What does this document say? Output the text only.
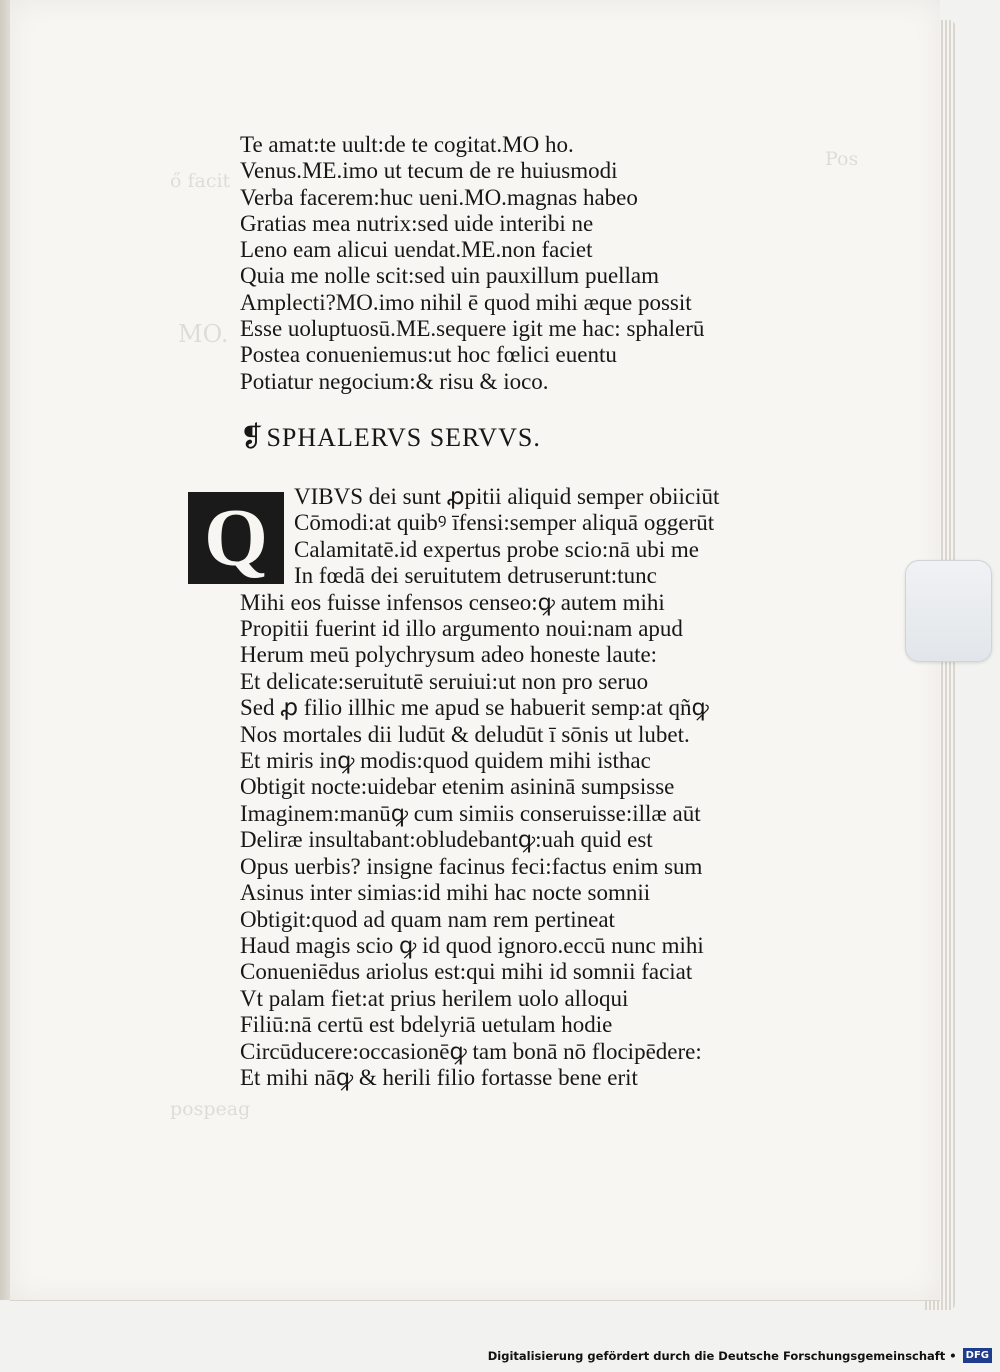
Pos
ő facit
MO.
pospeag
Te amat:te uult:de te cogitat.MO ho.
Venus.ME.imo ut tecum de re huiusmodi
Verba facerem:huc ueni.MO.magnas habeo
Gratias mea nutrix:sed uide interibi ne
Leno eam alicui uendat.ME.non faciet
Quia me nolle scit:sed uin pauxillum puellam
Amplecti?MO.imo nihil ē quod mihi æque possit
Esse uoluptuosū.ME.sequere igit me hac: sphalerū
Postea conueniemus:ut hoc fœlici euentu
Potiatur negocium:& risu & ioco.
❡SPHALERVS SERVVS.
Q VIBVS dei sunt ꝓpitii aliquid semper obiiciūt
Cōmodi:at quibꝰ īfensi:semper aliquā oggerūt
Calamitatē.id expertus probe scio:nā ubi me
In fœdā dei seruitutem detruserunt:tunc
Mihi eos fuisse infensos censeo:ꝙ autem mihi
Propitii fuerint id illo argumento noui:nam apud
Herum meū polychrysum adeo honeste laute:
Et delicate:seruitutē seruiui:ut non pro seruo
Sed ꝓ filio illhic me apud se habuerit semp:at qñꝙ
Nos mortales dii ludūt & deludūt ī sōnis ut lubet.
Et miris inꝙ modis:quod quidem mihi isthac
Obtigit nocte:uidebar etenim asininā sumpsisse
Imaginem:manūꝙ cum simiis conseruisse:illæ aūt
Deliræ insultabant:obludebantꝙ:uah quid est
Opus uerbis? insigne facinus feci:factus enim sum
Asinus inter simias:id mihi hac nocte somnii
Obtigit:quod ad quam nam rem pertineat
Haud magis scio ꝙ id quod ignoro.eccū nunc mihi
Conueniēdus ariolus est:qui mihi id somnii faciat
Vt palam fiet:at prius herilem uolo alloqui
Filiū:nā certū est bdelyriā uetulam hodie
Circūducere:occasionēꝙ tam bonā nō flocipēdere:
Et mihi nāꝙ & herili filio fortasse bene erit
Digitalisierung gefördert durch die Deutsche Forschungsgemeinschaft • DFG
